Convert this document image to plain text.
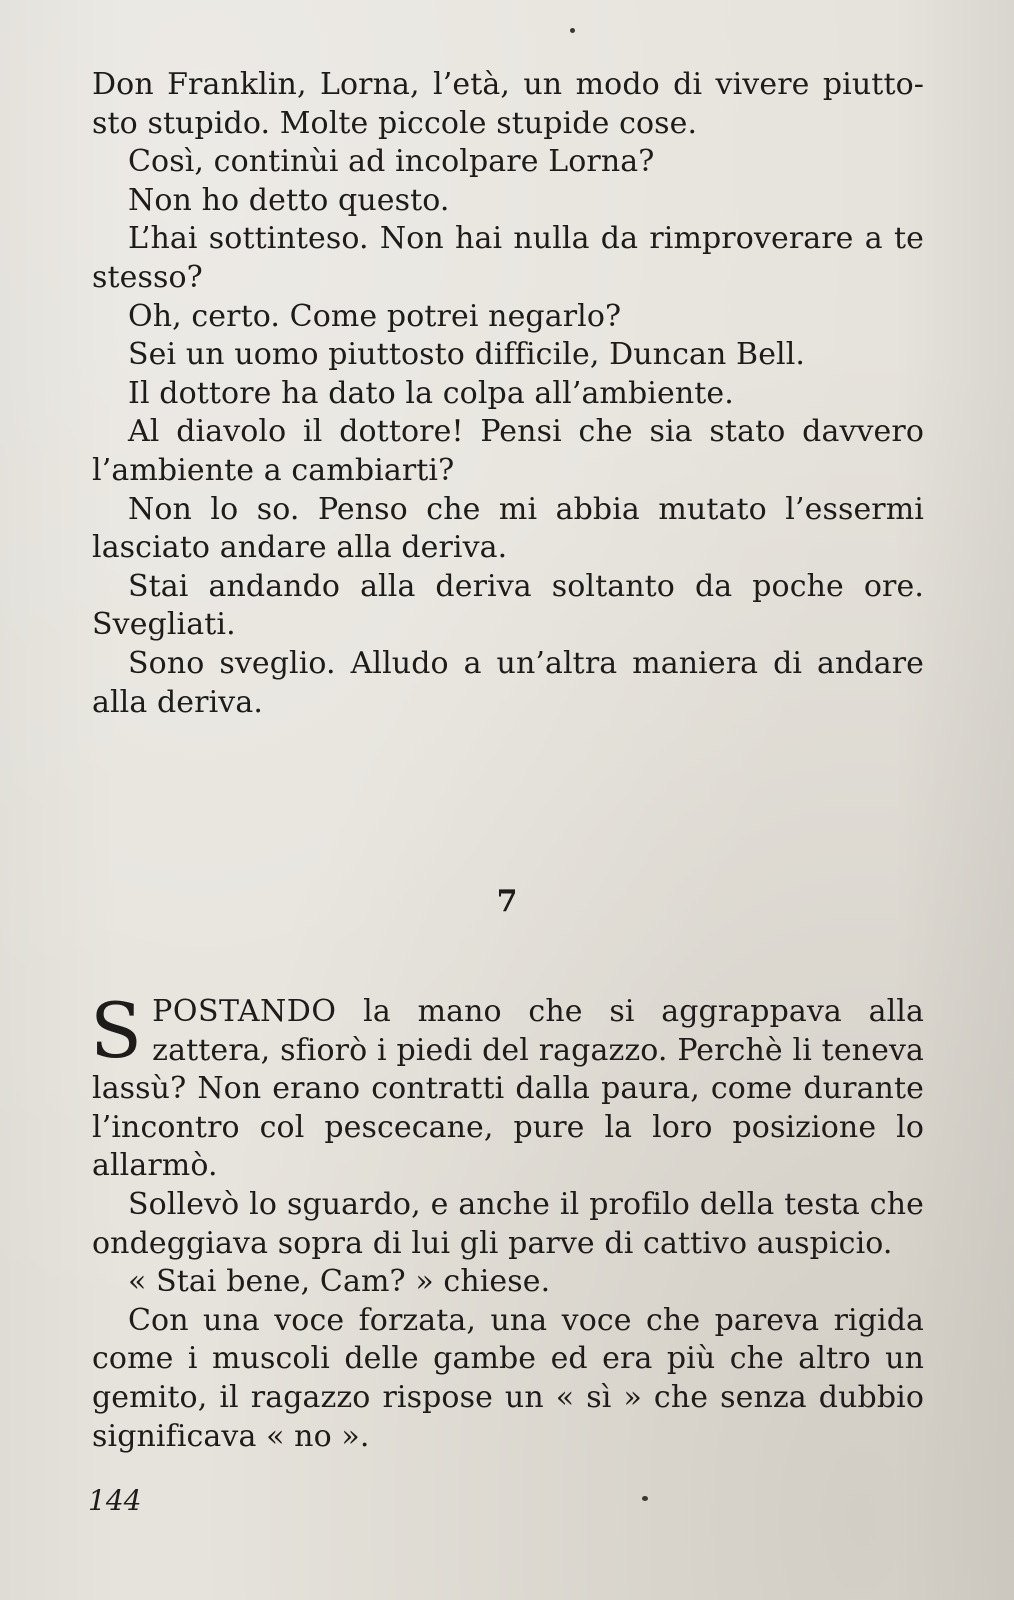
Don Franklin, Lorna, l’età, un modo di vivere piutto-sto stupido. Molte piccole stupide cose.

Così, continùi ad incolpare Lorna?

Non ho detto questo.

L’hai sottinteso. Non hai nulla da rimproverare a te stesso?

Oh, certo. Come potrei negarlo?

Sei un uomo piuttosto difficile, Duncan Bell.

Il dottore ha dato la colpa all’ambiente.

Al diavolo il dottore! Pensi che sia stato davvero l’ambiente a cambiarti?

Non lo so. Penso che mi abbia mutato l’essermi lasciato andare alla deriva.

Stai andando alla deriva soltanto da poche ore. Svegliati.

Sono sveglio. Alludo a un’altra maniera di andare alla deriva.

7

SPOSTANDO la mano che si aggrappava alla zattera, sfiorò i piedi del ragazzo. Perchè li teneva lassù? Non erano contratti dalla paura, come durante l’incontro col pescecane, pure la loro posizione lo allarmò.

Sollevò lo sguardo, e anche il profilo della testa che ondeggiava sopra di lui gli parve di cattivo auspicio.

« Stai bene, Cam? » chiese.

Con una voce forzata, una voce che pareva rigida come i muscoli delle gambe ed era più che altro un gemito, il ragazzo rispose un « sì » che senza dubbio significava « no ».

144
